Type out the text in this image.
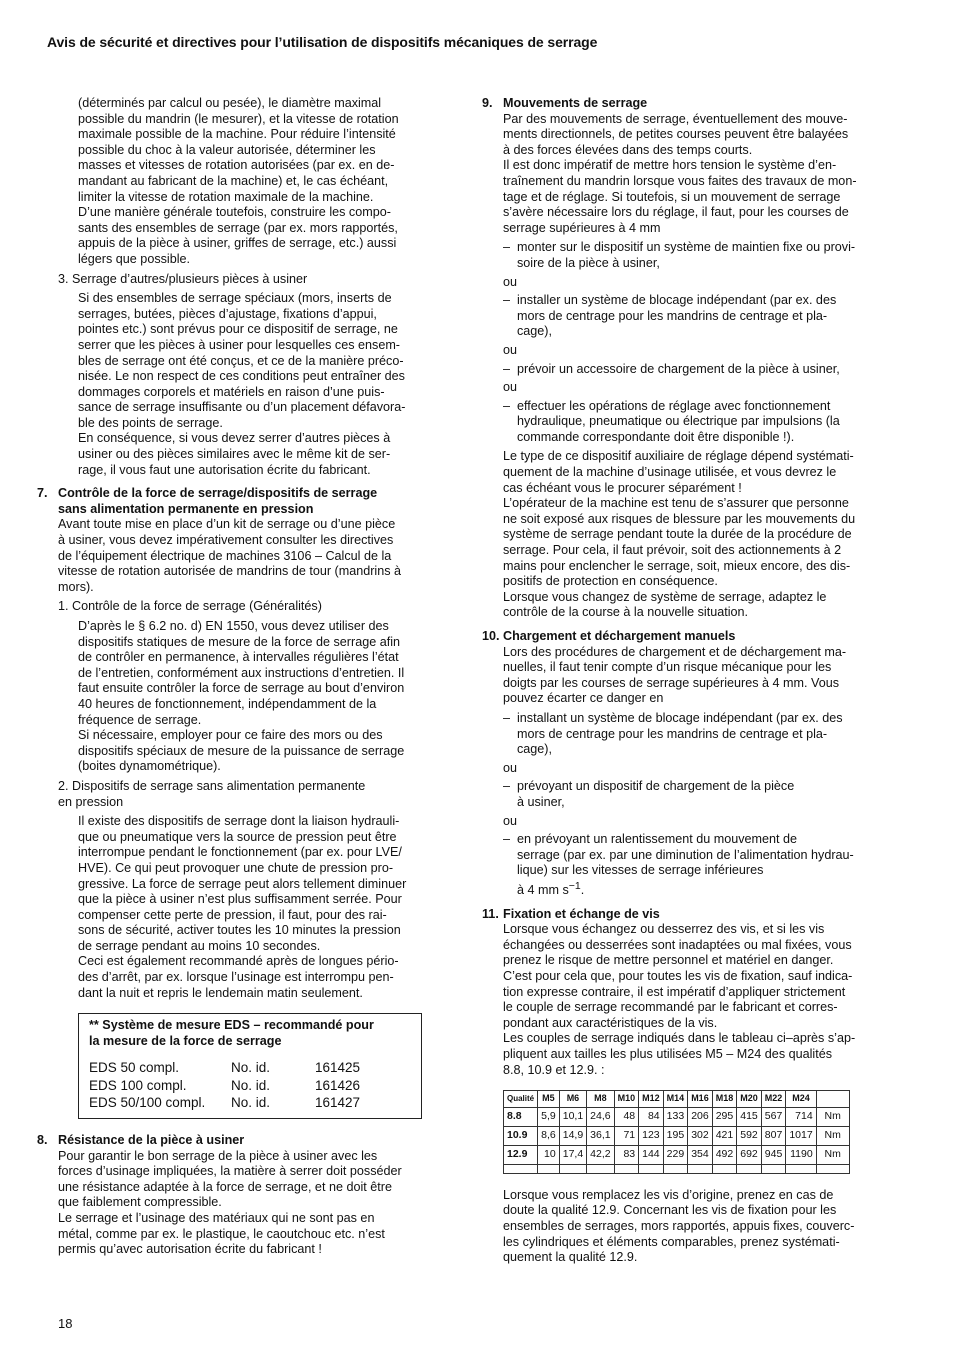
Avis de sécurité et directives pour l’utilisation de dispositifs mécaniques de serrage
(déterminés par calcul ou pesée), le diamètre maximal
possible du mandrin (le mesurer), et la vitesse de rotation
maximale possible de la machine. Pour réduire l’intensité
possible du choc à la valeur autorisée, déterminer les
masses et vitesses de rotation autorisées (par ex. en de-
mandant au fabricant de la machine) et, le cas échéant,
limiter la vitesse de rotation maximale de la machine.
D’une manière générale toutefois, construire les compo-
sants des ensembles de serrage (par ex. mors rapportés,
appuis de la pièce à usiner, griffes de serrage, etc.) aussi
légers que possible.
3. Serrage d’autres/plusieurs pièces à usiner
Si des ensembles de serrage spéciaux (mors, inserts de
serrages, butées, pièces d’ajustage, fixations d’appui,
pointes etc.) sont prévus pour ce dispositif de serrage, ne
serrer que les pièces à usiner pour lesquelles ces ensem-
bles de serrage ont été conçus, et ce de la manière préco-
nisée. Le non respect de ces conditions peut entraîner des
dommages corporels et matériels en raison d’une puis-
sance de serrage insuffisante ou d’un placement défavora-
ble des points de serrage.
En conséquence, si vous devez serrer d’autres pièces à
usiner ou des pièces similaires avec le même kit de ser-
rage, il vous faut une autorisation écrite du fabricant.
7. Contrôle de la force de serrage/dispositifs de serrage
sans alimentation permanente en pression
Avant toute mise en place d’un kit de serrage ou d’une pièce
à usiner, vous devez impérativement consulter les directives
de l’équipement électrique de machines 3106 – Calcul de la
vitesse de rotation autorisée de mandrins de tour (mandrins à
mors).
1. Contrôle de la force de serrage (Généralités)
D’après le § 6.2 no. d) EN 1550, vous devez utiliser des
dispositifs statiques de mesure de la force de serrage afin
de contrôler en permanence, à intervalles régulières l’état
de l’entretien, conformément aux instructions d’entretien. Il
faut ensuite contrôler la force de serrage au bout d’environ
40 heures de fonctionnement, indépendamment de la
fréquence de serrage.
Si nécessaire, employer pour ce faire des mors ou des
dispositifs spéciaux de mesure de la puissance de serrage
(boites dynamométrique).
2. Dispositifs de serrage sans alimentation permanente
en pression
Il existe des dispositifs de serrage dont la liaison hydrauli-
que ou pneumatique vers la source de pression peut être
interrompue pendant le fonctionnement (par ex. pour LVE/
HVE). Ce qui peut provoquer une chute de pression pro-
gressive. La force de serrage peut alors tellement diminuer
que la pièce à usiner n’est plus suffisamment serrée. Pour
compenser cette perte de pression, il faut, pour des rai-
sons de sécurité, activer toutes les 10 minutes la pression
de serrage pendant au moins 10 secondes.
Ceci est également recommandé après de longues pério-
des d’arrêt, par ex. lorsque l’usinage est interrompu pen-
dant la nuit et repris le lendemain matin seulement.
** Système de mesure EDS – recommandé pour
la mesure de la force de serrage
EDS 50 compl.	No. id.	161425
EDS 100 compl.	No. id.	161426
EDS 50/100 compl.	No. id.	161427
8. Résistance de la pièce à usiner
Pour garantir le bon serrage de la pièce à usiner avec les
forces d’usinage impliquées, la matière à serrer doit posséder
une résistance adaptée à la force de serrage, et ne doit être
que faiblement compressible.
Le serrage et l’usinage des matériaux qui ne sont pas en
métal, comme par ex. le plastique, le caoutchouc etc. n’est
permis qu’avec autorisation écrite du fabricant !
9. Mouvements de serrage
Par des mouvements de serrage, éventuellement des mouve-
ments directionnels, de petites courses peuvent être balayées
à des forces élevées dans des temps courts.
Il est donc impératif de mettre hors tension le système d’en-
traînement du mandrin lorsque vous faites des travaux de mon-
tage et de réglage. Si toutefois, si un mouvement de serrage
s’avère nécessaire lors du réglage, il faut, pour les courses de
serrage supérieures à 4 mm
– monter sur le dispositif un système de maintien fixe ou provi-
soire de la pièce à usiner,
ou
– installer un système de blocage indépendant (par ex. des
mors de centrage pour les mandrins de centrage et pla-
cage),
ou
– prévoir un accessoire de chargement de la pièce à usiner,
ou
– effectuer les opérations de réglage avec fonctionnement
hydraulique, pneumatique ou électrique par impulsions (la
commande correspondante doit être disponible !).
Le type de ce dispositif auxiliaire de réglage dépend systémati-
quement de la machine d’usinage utilisée, et vous devrez le
cas échéant vous le procurer séparément !
L’opérateur de la machine est tenu de s’assurer que personne
ne soit exposé aux risques de blessure par les mouvements du
système de serrage pendant toute la durée de la procédure de
serrage. Pour cela, il faut prévoir, soit des actionnements à 2
mains pour enclencher le serrage, soit, mieux encore, des dis-
positifs de protection en conséquence.
Lorsque vous changez de système de serrage, adaptez le
contrôle de la course à la nouvelle situation.
10. Chargement et déchargement manuels
Lors des procédures de chargement et de déchargement ma-
nuelles, il faut tenir compte d’un risque mécanique pour les
doigts par les courses de serrage supérieures à 4 mm. Vous
pouvez écarter ce danger en
– installant un système de blocage indépendant (par ex. des
mors de centrage pour les mandrins de centrage et pla-
cage),
ou
– prévoyant un dispositif de chargement de la pièce
à usiner,
ou
– en prévoyant un ralentissement du mouvement de
serrage (par ex. par une diminution de l’alimentation hydrau-
lique) sur les vitesses de serrage inférieures
à 4 mm $s^{-1}$.
11. Fixation et échange de vis
Lorsque vous échangez ou desserrez des vis, et si les vis
échangées ou desserrées sont inadaptées ou mal fixées, vous
prenez le risque de mettre personnel et matériel en danger.
C’est pour cela que, pour toutes les vis de fixation, sauf indica-
tion expresse contraire, il est impératif d’appliquer strictement
le couple de serrage recommandé par le fabricant et corres-
pondant aux caractéristiques de la vis.
Les couples de serrage indiqués dans le tableau ci–après s’ap-
pliquent aux tailles les plus utilisées M5 – M24 des qualités
8.8, 10.9 et 12.9. :
Qualité	M5	M6	M8	M10	M12	M14	M16	M18	M20	M22	M24	
8.8	5,9	10,1	24,6	48	84	133	206	295	415	567	714	Nm
10.9	8,6	14,9	36,1	71	123	195	302	421	592	807	1017	Nm
12.9	10	17,4	42,2	83	144	229	354	492	692	945	1190	Nm

Lorsque vous remplacez les vis d’origine, prenez en cas de
doute la qualité 12.9. Concernant les vis de fixation pour les
ensembles de serrages, mors rapportés, appuis fixes, couverc-
les cylindriques et éléments comparables, prenez systémati-
quement la qualité 12.9.
18
